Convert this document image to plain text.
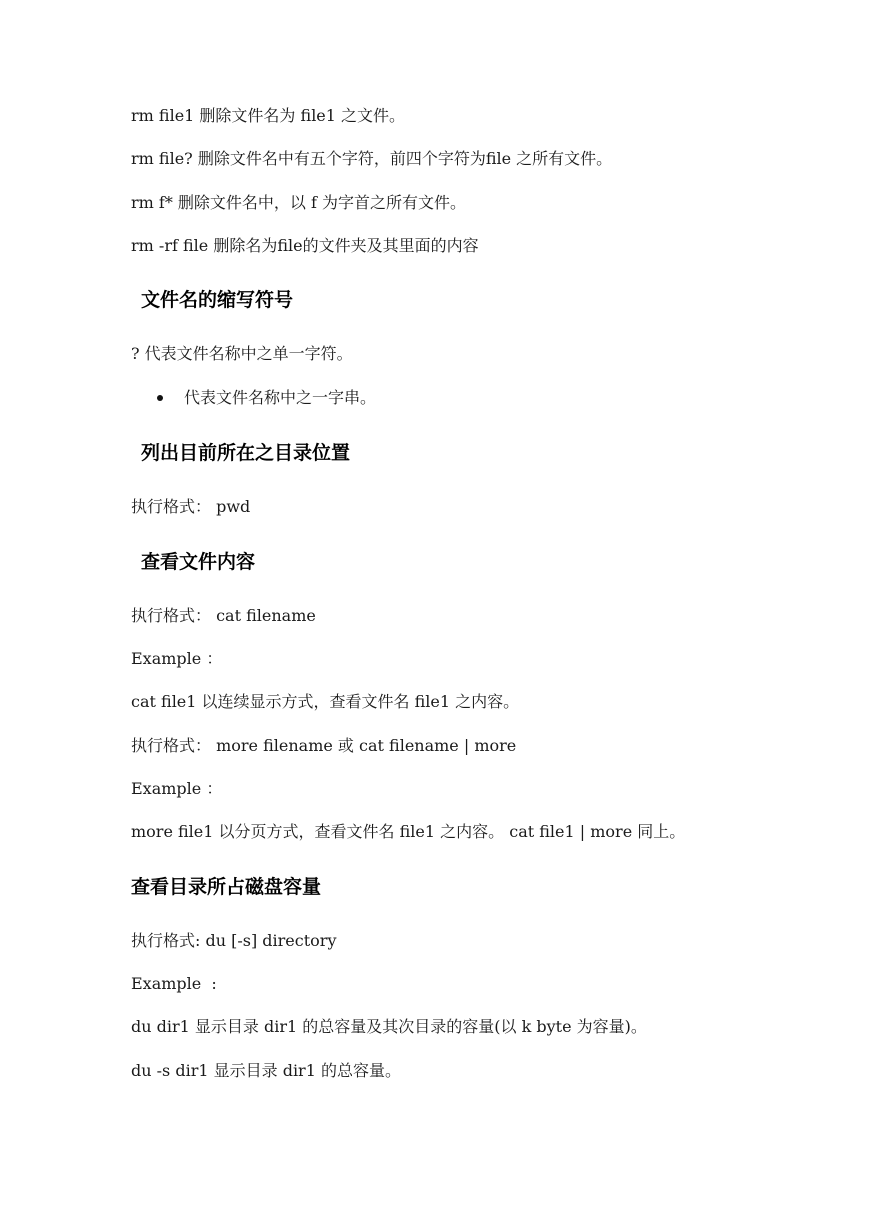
rm file1 删除文件名为 file1 之文件。
rm file? 删除文件名中有五个字符，前四个字符为file 之所有文件。
rm f* 删除文件名中，以 f 为字首之所有文件。
rm -rf file 删除名为file的文件夹及其里面的内容
文件名的缩写符号
? 代表文件名称中之单一字符。
代表文件名称中之一字串。
列出目前所在之目录位置
执行格式： pwd
查看文件内容
执行格式： cat filename
Example ：
cat file1 以连续显示方式，查看文件名 file1 之内容。
执行格式： more filename 或 cat filename | more
Example ：
more file1 以分页方式，查看文件名 file1 之内容。 cat file1 | more 同上。
查看目录所占磁盘容量
执行格式: du [-s] directory
Example  :
du dir1 显示目录 dir1 的总容量及其次目录的容量(以 k byte 为容量)。
du -s dir1 显示目录 dir1 的总容量。
